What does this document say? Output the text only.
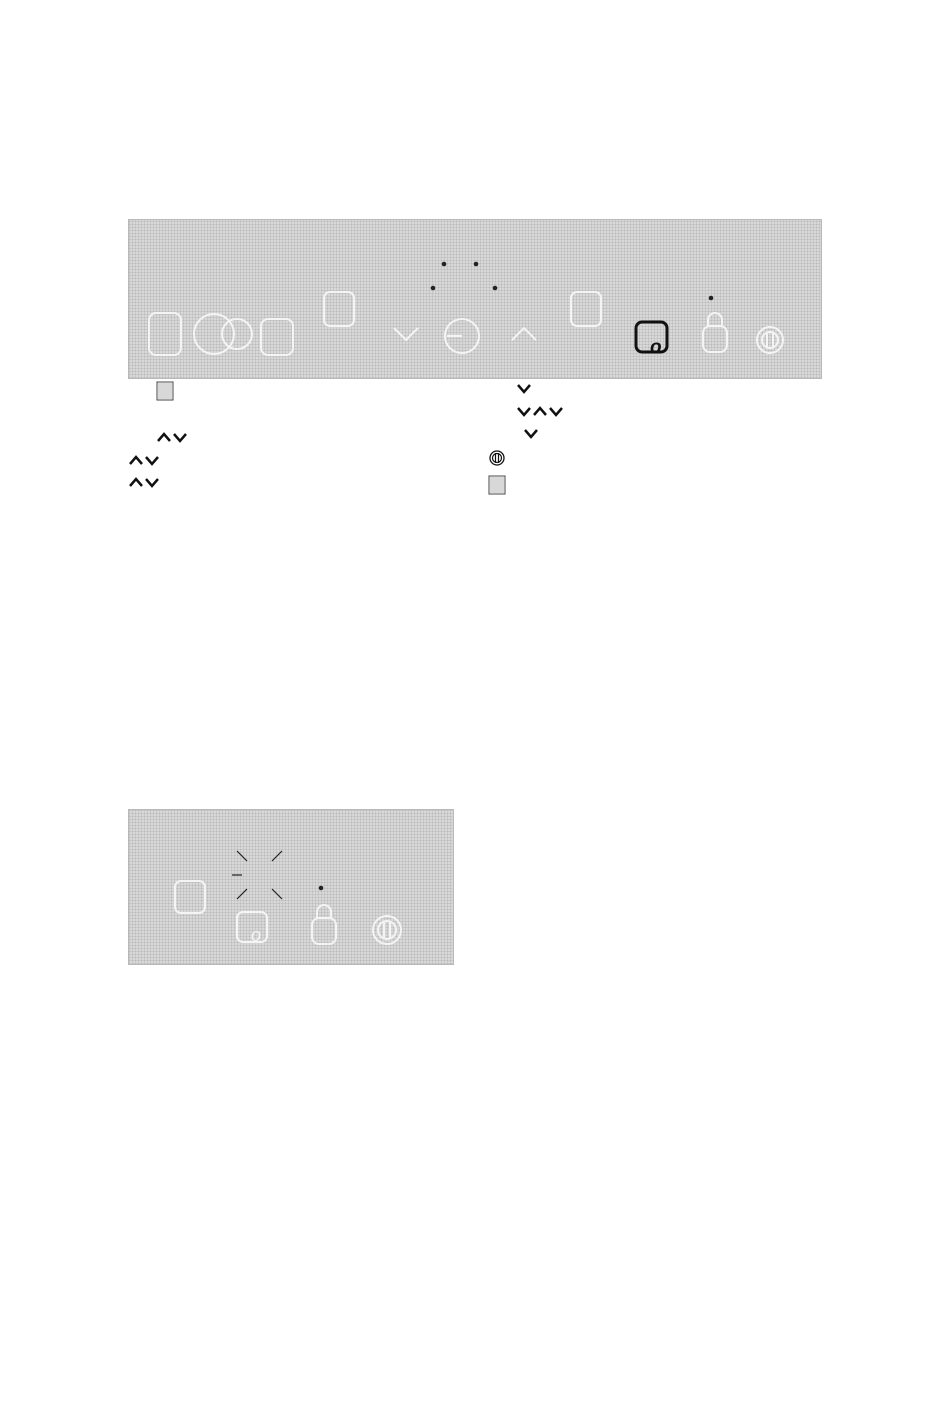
o

o
